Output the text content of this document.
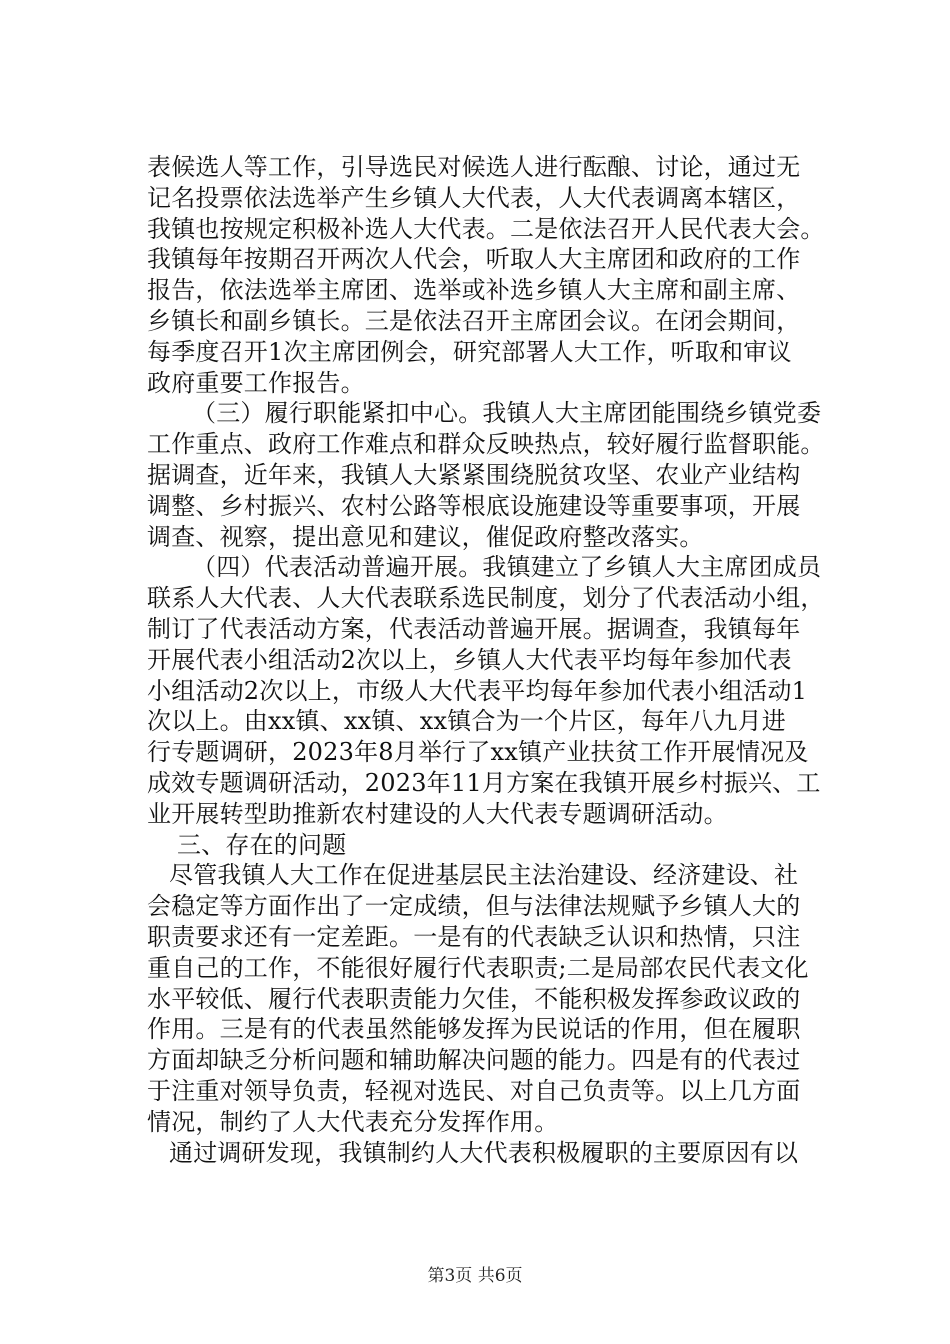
表候选人等工作，引导选民对候选人进行酝酿、讨论，通过无
记名投票依法选举产生乡镇人大代表，人大代表调离本辖区，
我镇也按规定积极补选人大代表。二是依法召开人民代表大会。
我镇每年按期召开两次人代会，听取人大主席团和政府的工作
报告，依法选举主席团、选举或补选乡镇人大主席和副主席、
乡镇长和副乡镇长。三是依法召开主席团会议。在闭会期间，
每季度召开1次主席团例会，研究部署人大工作，听取和审议
政府重要工作报告。
（三）履行职能紧扣中心。我镇人大主席团能围绕乡镇党委
工作重点、政府工作难点和群众反映热点，较好履行监督职能。
据调查，近年来，我镇人大紧紧围绕脱贫攻坚、农业产业结构
调整、乡村振兴、农村公路等根底设施建设等重要事项，开展
调查、视察，提出意见和建议，催促政府整改落实。
（四）代表活动普遍开展。我镇建立了乡镇人大主席团成员
联系人大代表、人大代表联系选民制度，划分了代表活动小组，
制订了代表活动方案，代表活动普遍开展。据调查，我镇每年
开展代表小组活动2次以上，乡镇人大代表平均每年参加代表
小组活动2次以上，市级人大代表平均每年参加代表小组活动1
次以上。由xx镇、xx镇、xx镇合为一个片区，每年八九月进
行专题调研，2023年8月举行了xx镇产业扶贫工作开展情况及
成效专题调研活动，2023年11月方案在我镇开展乡村振兴、工
业开展转型助推新农村建设的人大代表专题调研活动。
三、存在的问题
尽管我镇人大工作在促进基层民主法治建设、经济建设、社
会稳定等方面作出了一定成绩，但与法律法规赋予乡镇人大的
职责要求还有一定差距。一是有的代表缺乏认识和热情，只注
重自己的工作，不能很好履行代表职责;二是局部农民代表文化
水平较低、履行代表职责能力欠佳，不能积极发挥参政议政的
作用。三是有的代表虽然能够发挥为民说话的作用，但在履职
方面却缺乏分析问题和辅助解决问题的能力。四是有的代表过
于注重对领导负责，轻视对选民、对自己负责等。以上几方面
情况，制约了人大代表充分发挥作用。
通过调研发现，我镇制约人大代表积极履职的主要原因有以
第3页 共6页
